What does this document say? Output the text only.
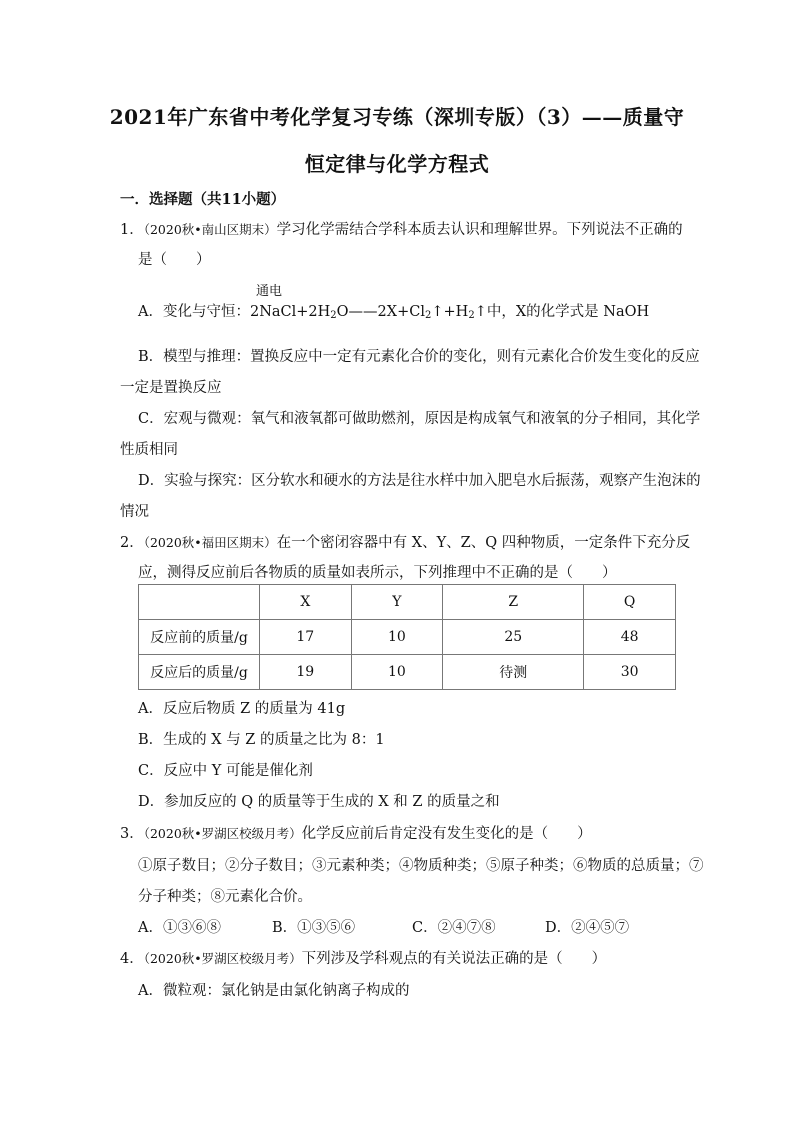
2021年广东省中考化学复习专练（深圳专版）（3）——质量守
恒定律与化学方程式
一．选择题（共11小题）
1．（2020秋•南山区期末）学习化学需结合学科本质去认识和理解世界。下列说法不正确的
是（　　）
通电
A．变化与守恒：2NaCl+2H2O——2X+Cl2↑+H2↑中，X的化学式是 NaOH
B．模型与推理：置换反应中一定有元素化合价的变化，则有元素化合价发生变化的反应
一定是置换反应
C．宏观与微观：氧气和液氧都可做助燃剂，原因是构成氧气和液氧的分子相同，其化学
性质相同
D．实验与探究：区分软水和硬水的方法是往水样中加入肥皂水后振荡，观察产生泡沫的
情况
2．（2020秋•福田区期末）在一个密闭容器中有 X、Y、Z、Q 四种物质，一定条件下充分反
应，测得反应前后各物质的质量如表所示，下列推理中不正确的是（　　）
	X	Y	Z	Q
反应前的质量/g	17	10	25	48
反应后的质量/g	19	10	待测	30
A．反应后物质 Z 的质量为 41g
B．生成的 X 与 Z 的质量之比为 8：1
C．反应中 Y 可能是催化剂
D．参加反应的 Q 的质量等于生成的 X 和 Z 的质量之和
3．（2020秋•罗湖区校级月考）化学反应前后肯定没有发生变化的是（　　）
①原子数目；②分子数目；③元素种类；④物质种类；⑤原子种类；⑥物质的总质量；⑦
分子种类；⑧元素化合价。
A．①③⑥⑧	B．①③⑤⑥	C．②④⑦⑧	D．②④⑤⑦
4．（2020秋•罗湖区校级月考）下列涉及学科观点的有关说法正确的是（　　）
A．微粒观：氯化钠是由氯化钠离子构成的
